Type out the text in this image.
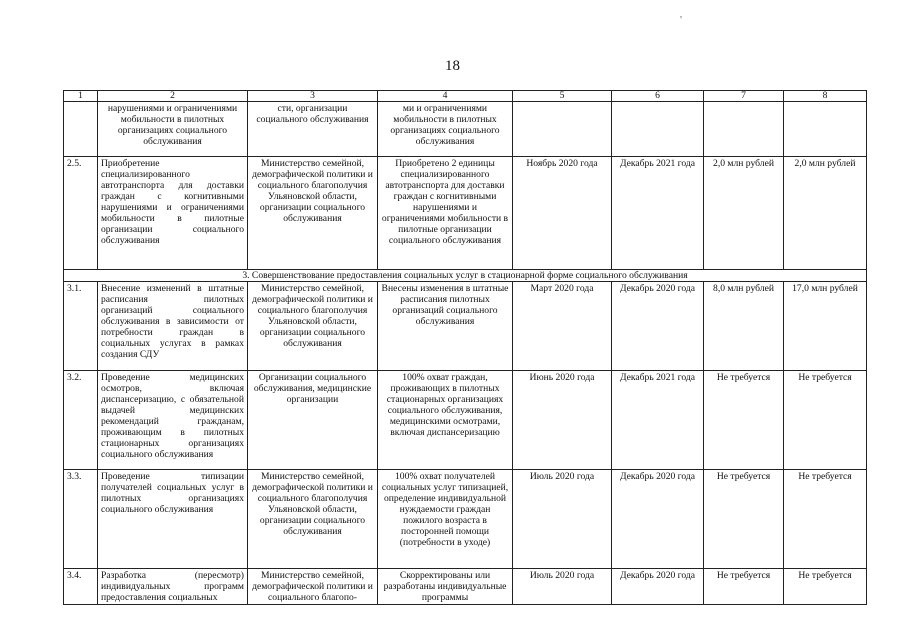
'
18
1	2	3	4	5	6	7	8
	нарушениями и ограничениями мобильности в пилотных организациях социального обслуживания	сти, организации социального обслуживания	ми и ограничениями мобильности в пилотных организациях социального обслуживания				
2.5.	Приобретение специализированного автотранспорта для доставки граждан с когнитивными нарушениями и ограничениями мобильности в пилотные организации социального обслуживания	Министерство семейной, демографической политики и социального благополучия Ульяновской области, организации социального обслуживания	Приобретено 2 единицы специализированного автотранспорта для доставки граждан с когнитивными нарушениями и ограничениями мобильности в пилотные организации социального обслуживания	Ноябрь 2020 года	Декабрь 2021 года	2,0 млн рублей	2,0 млн рублей
3. Совершенствование предоставления социальных услуг в стационарной форме социального обслуживания							
3.1.	Внесение изменений в штатные расписания пилотных организаций социального обслуживания в зависимости от потребности граждан в социальных услугах в рамках создания СДУ	Министерство семейной, демографической политики и социального благополучия Ульяновской области, организации социального обслуживания	Внесены изменения в штатные расписания пилотных организаций социального обслуживания	Март 2020 года	Декабрь 2020 года	8,0 млн рублей	17,0 млн рублей
3.2.	Проведение медицинских осмотров, включая диспансеризацию, с обязательной выдачей медицинских рекомендаций гражданам, проживающим в пилотных стационарных организациях социального обслуживания	Организации социального обслуживания, медицинские организации	100% охват граждан, проживающих в пилотных стационарных организациях социального обслуживания, медицинскими осмотрами, включая диспансеризацию	Июнь 2020 года	Декабрь 2021 года	Не требуется	Не требуется
3.3.	Проведение типизации получателей социальных услуг в пилотных организациях социального обслуживания	Министерство семейной, демографической политики и социального благополучия Ульяновской области, организации социального обслуживания	100% охват получателей социальных услуг типизацией, определение индивидуальной нуждаемости граждан пожилого возраста в посторонней помощи (потребности в уходе)	Июль 2020 года	Декабрь 2020 года	Не требуется	Не требуется
3.4.	Разработка (пересмотр) индивидуальных программ предоставления социальных	Министерство семейной, демографической политики и социального благопо-	Скорректированы или разработаны индивидуальные программы	Июль 2020 года	Декабрь 2020 года	Не требуется	Не требуется
